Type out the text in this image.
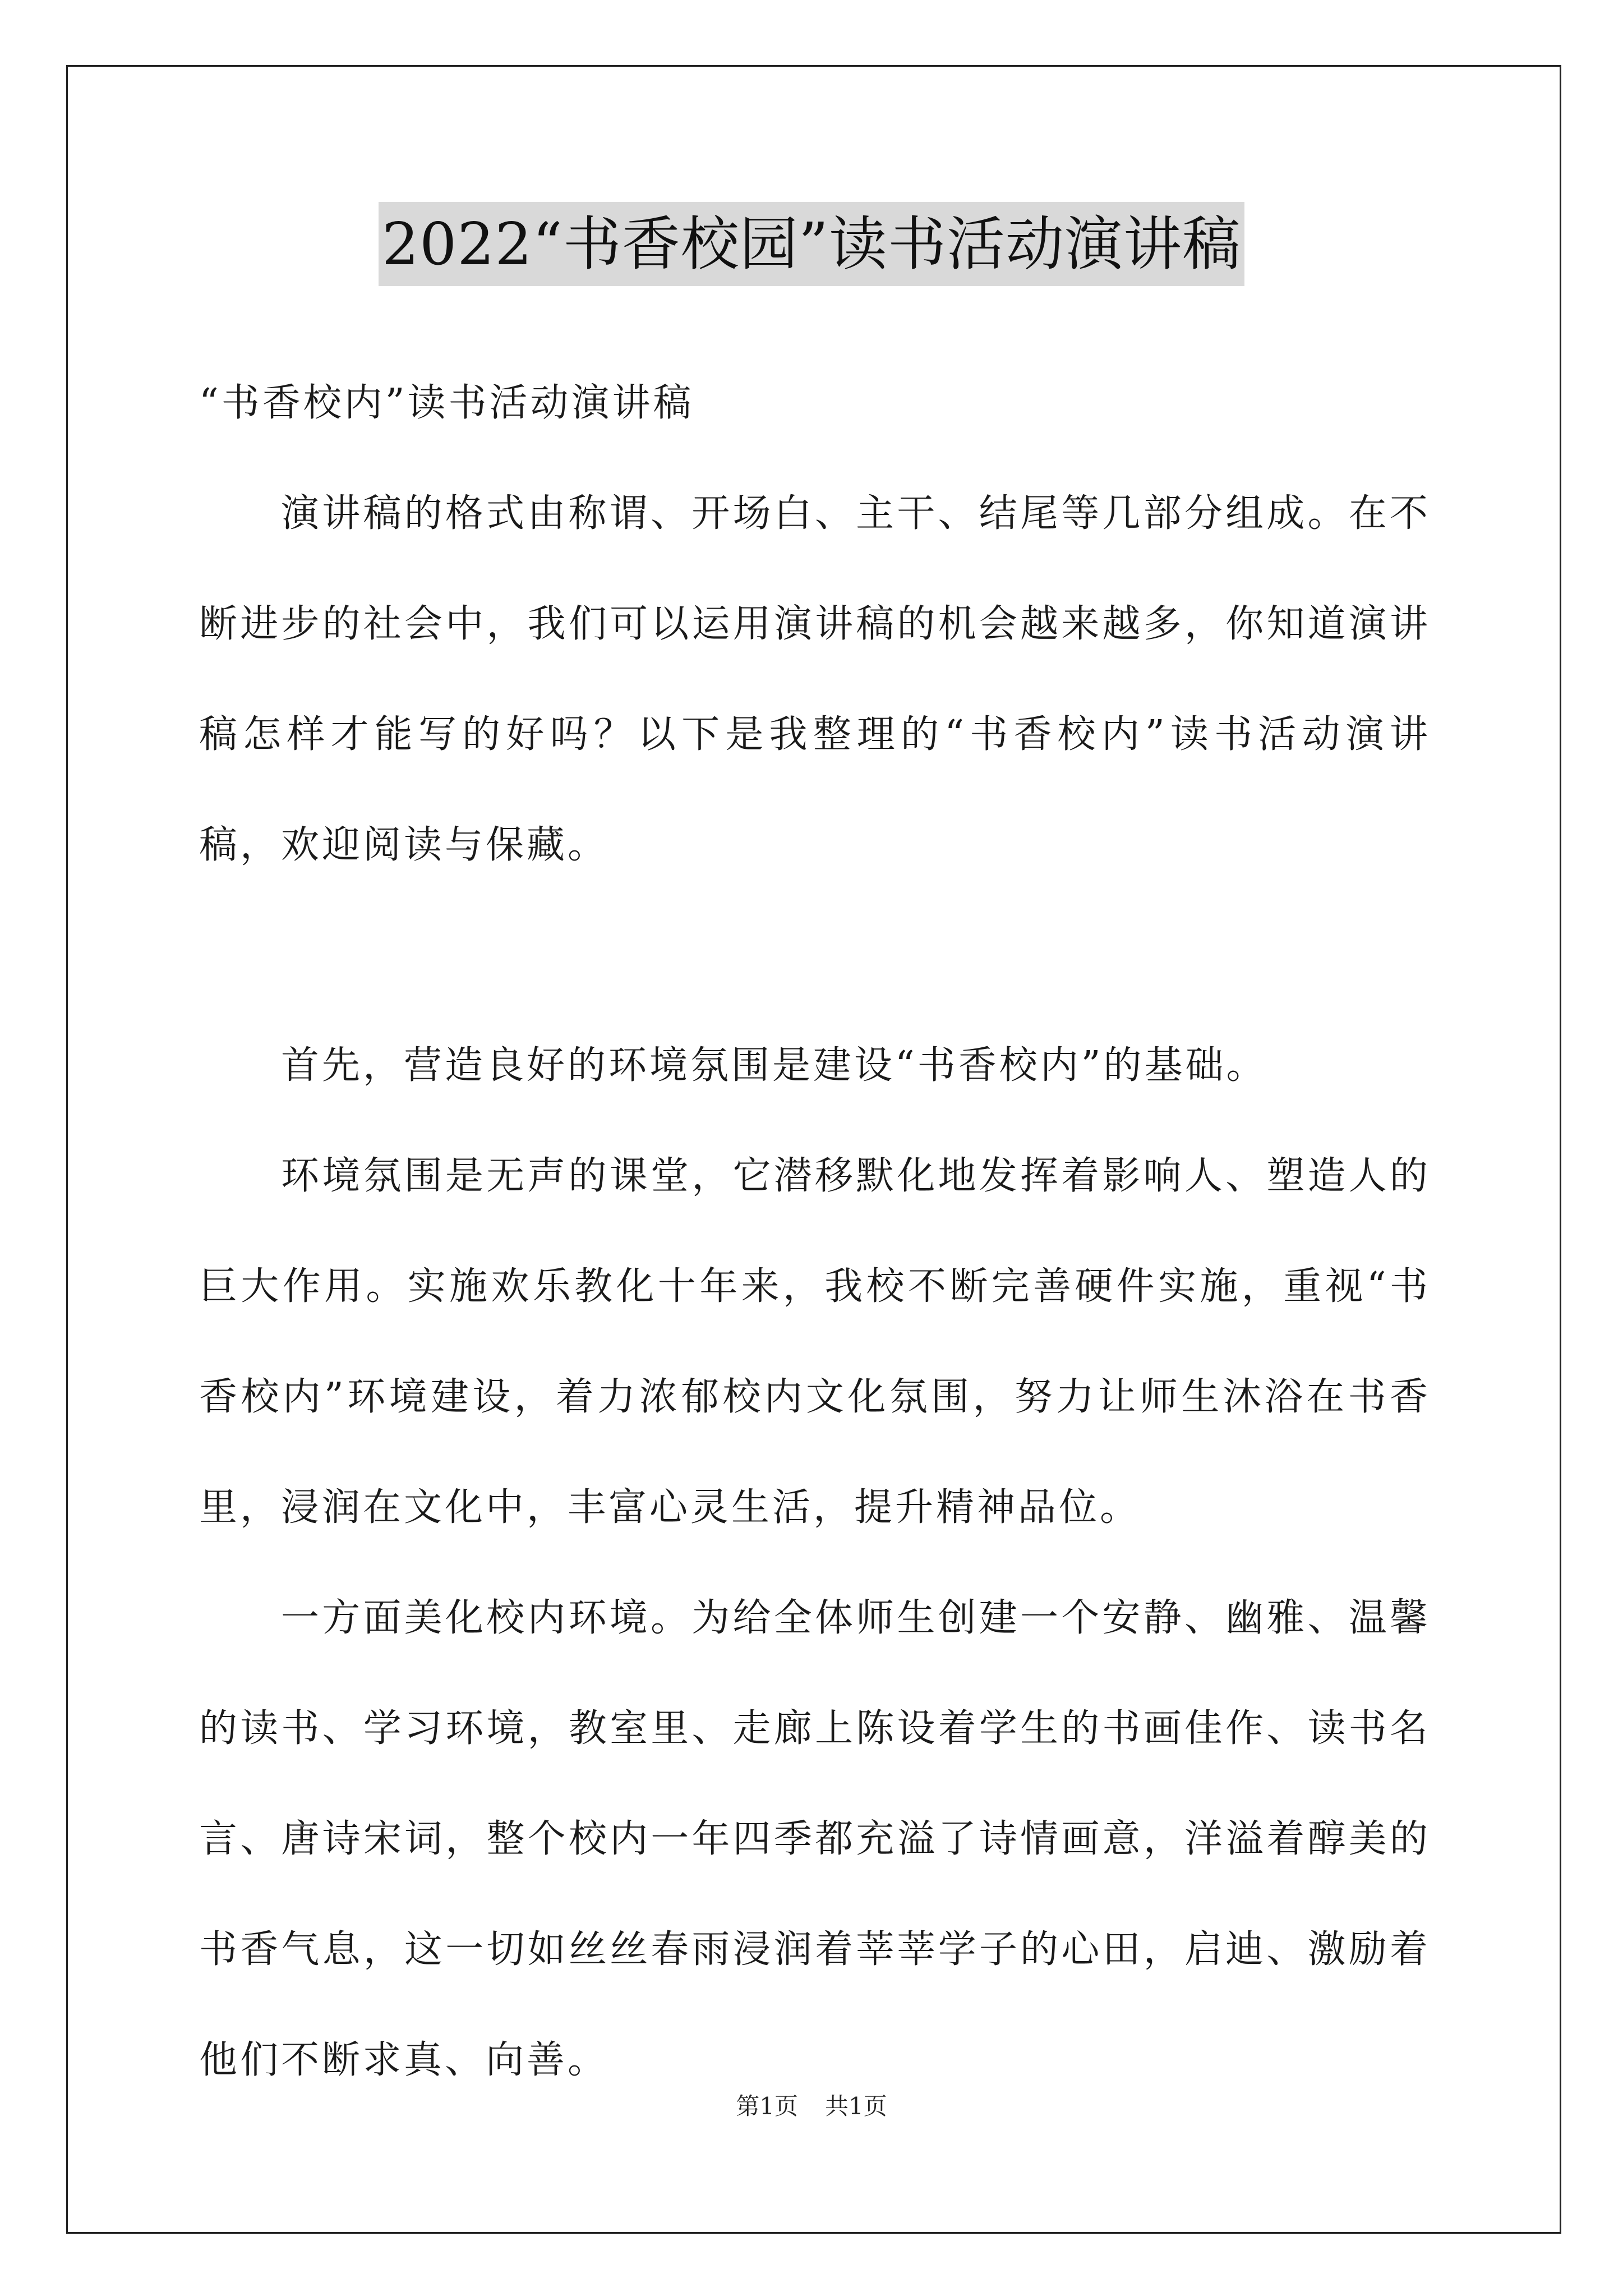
2022“书香校园”读书活动演讲稿

“书香校内”读书活动演讲稿

演讲稿的格式由称谓、开场白、主干、结尾等几部分组成。在不断进步的社会中，我们可以运用演讲稿的机会越来越多，你知道演讲稿怎样才能写的好吗？以下是我整理的“书香校内”读书活动演讲稿，欢迎阅读与保藏。

首先，营造良好的环境氛围是建设“书香校内”的基础。

环境氛围是无声的课堂，它潜移默化地发挥着影响人、塑造人的巨大作用。实施欢乐教化十年来，我校不断完善硬件实施，重视“书香校内”环境建设，着力浓郁校内文化氛围，努力让师生沐浴在书香里，浸润在文化中，丰富心灵生活，提升精神品位。

一方面美化校内环境。为给全体师生创建一个安静、幽雅、温馨的读书、学习环境，教室里、走廊上陈设着学生的书画佳作、读书名言、唐诗宋词，整个校内一年四季都充溢了诗情画意，洋溢着醇美的书香气息，这一切如丝丝春雨浸润着莘莘学子的心田，启迪、激励着他们不断求真、向善。

第1页 共1页
